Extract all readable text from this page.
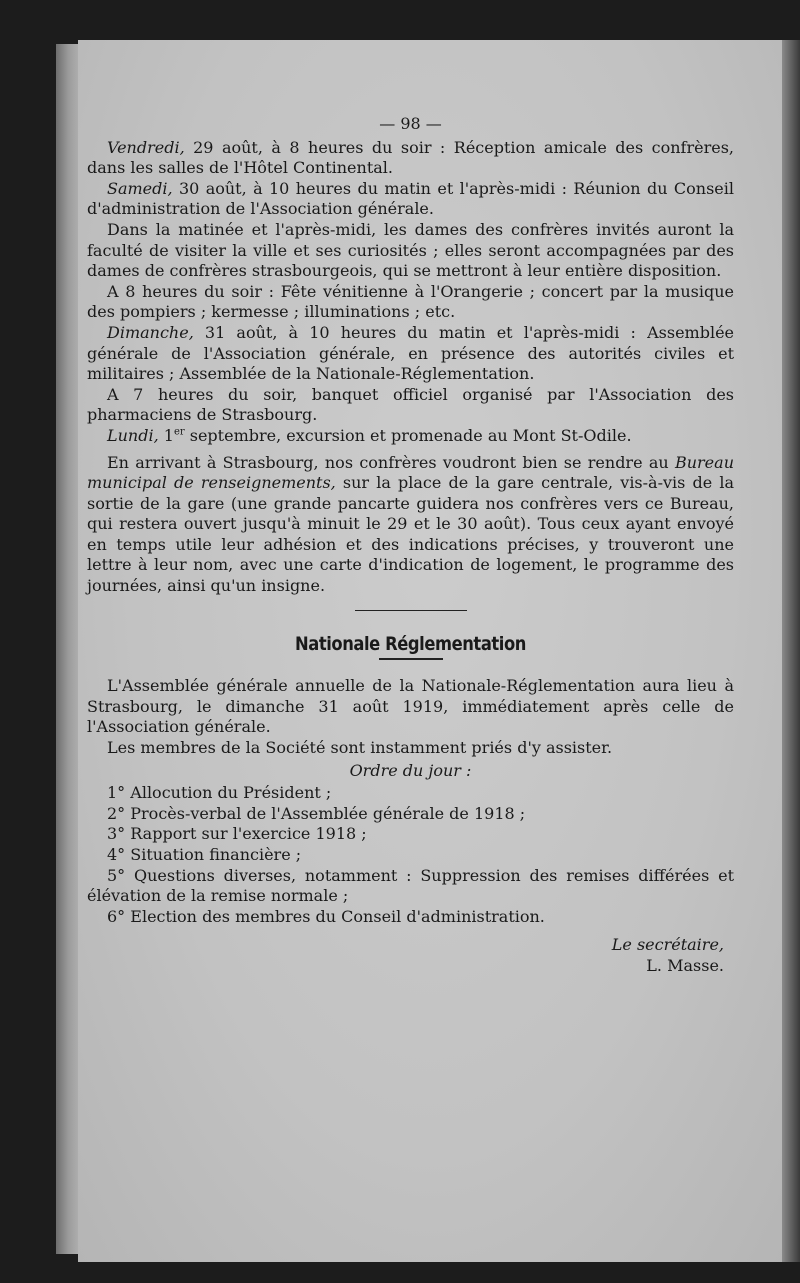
— 98 —

Vendredi, 29 août, à 8 heures du soir : Réception amicale des confrères, dans les salles de l'Hôtel Continental.

Samedi, 30 août, à 10 heures du matin et l'après-midi : Réunion du Conseil d'administration de l'Association générale.

Dans la matinée et l'après-midi, les dames des confrères invités auront la faculté de visiter la ville et ses curiosités ; elles seront accompagnées par des dames de confrères strasbourgeois, qui se mettront à leur entière disposition.

A 8 heures du soir : Fête vénitienne à l'Orangerie ; concert par la musique des pompiers ; kermesse ; illuminations ; etc.

Dimanche, 31 août, à 10 heures du matin et l'après-midi : Assemblée générale de l'Association générale, en présence des autorités civiles et militaires ; Assemblée de la Nationale-Réglementation.

A 7 heures du soir, banquet officiel organisé par l'Association des pharmaciens de Strasbourg.

Lundi, 1er septembre, excursion et promenade au Mont St-Odile.

En arrivant à Strasbourg, nos confrères voudront bien se rendre au Bureau municipal de renseignements, sur la place de la gare centrale, vis-à-vis de la sortie de la gare (une grande pancarte guidera nos confrères vers ce Bureau, qui restera ouvert jusqu'à minuit le 29 et le 30 août). Tous ceux ayant envoyé en temps utile leur adhésion et des indications précises, y trouveront une lettre à leur nom, avec une carte d'indication de logement, le programme des journées, ainsi qu'un insigne.

Nationale Réglementation

L'Assemblée générale annuelle de la Nationale-Réglementation aura lieu à Strasbourg, le dimanche 31 août 1919, immédiatement après celle de l'Association générale.

Les membres de la Société sont instamment priés d'y assister.

Ordre du jour :

1° Allocution du Président ;

2° Procès-verbal de l'Assemblée générale de 1918 ;

3° Rapport sur l'exercice 1918 ;

4° Situation financière ;

5° Questions diverses, notamment : Suppression des remises différées et élévation de la remise normale ;

6° Election des membres du Conseil d'administration.

Le secrétaire,
L. Masse.
